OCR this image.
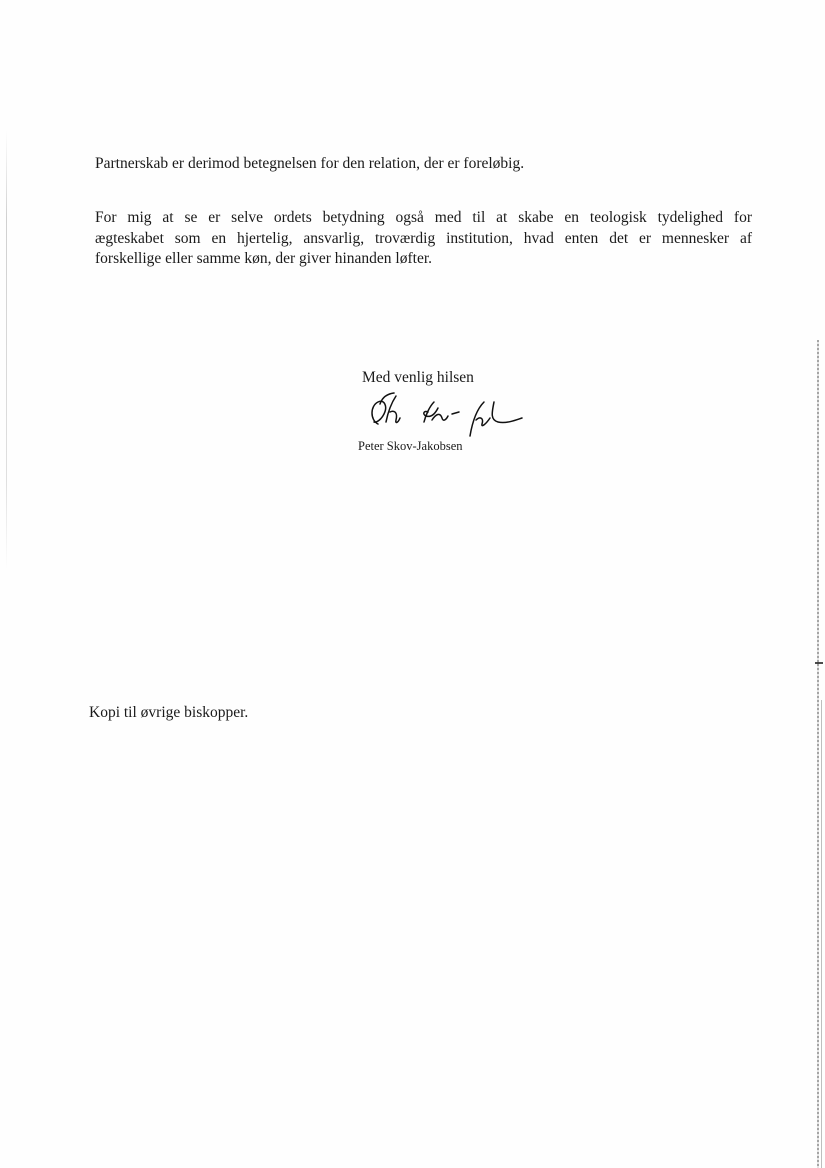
Partnerskab er derimod betegnelsen for den relation, der er foreløbig.

For mig at se er selve ordets betydning også med til at skabe en teologisk tydelighed for
ægteskabet som en hjertelig, ansvarlig, troværdig institution, hvad enten det er mennesker af
forskellige eller samme køn, der giver hinanden løfter.

Med venlig hilsen
Peter Skov-Jakobsen
Kopi til øvrige biskopper.
